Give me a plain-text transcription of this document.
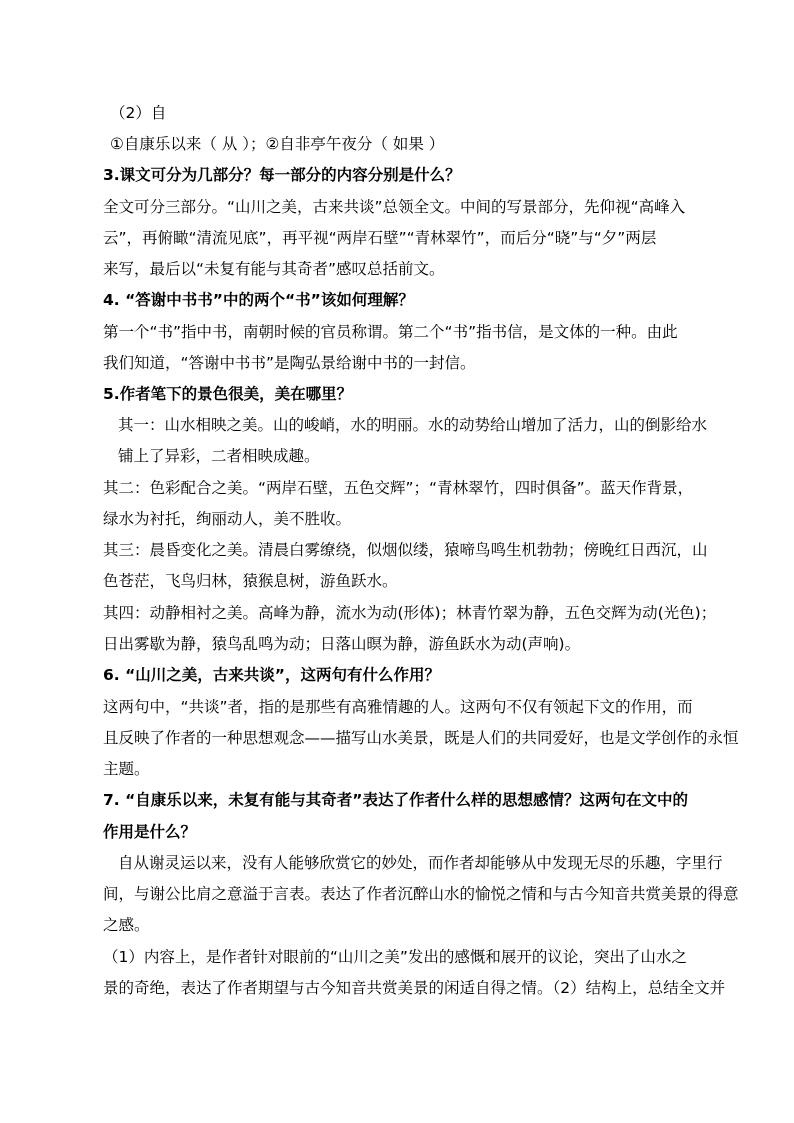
（2）自
①自康乐以来（ 从 ）；②自非亭午夜分（ 如果 ）
3.课文可分为几部分？每一部分的内容分别是什么？
全文可分三部分。“山川之美，古来共谈”总领全文。中间的写景部分，先仰视“高峰入
云”，再俯瞰“清流见底”，再平视“两岸石壁”“青林翠竹”，而后分“晓”与“夕”两层
来写，最后以“未复有能与其奇者”感叹总括前文。
4. “答谢中书书”中的两个“书”该如何理解？
第一个“书”指中书，南朝时候的官员称谓。第二个“书”指书信，是文体的一种。由此
我们知道，“答谢中书书”是陶弘景给谢中书的一封信。
5.作者笔下的景色很美，美在哪里？
其一：山水相映之美。山的峻峭，水的明丽。水的动势给山增加了活力，山的倒影给水
铺上了异彩，二者相映成趣。
其二：色彩配合之美。“两岸石壁，五色交辉”；“青林翠竹，四时俱备”。蓝天作背景，
绿水为衬托，绚丽动人，美不胜收。
其三：晨昏变化之美。清晨白雾缭绕，似烟似缕，猿啼鸟鸣生机勃勃；傍晚红日西沉，山
色苍茫，飞鸟归林，猿猴息树，游鱼跃水。
其四：动静相衬之美。高峰为静，流水为动(形体)；林青竹翠为静，五色交辉为动(光色)；
日出雾歇为静，猿鸟乱鸣为动；日落山暝为静，游鱼跃水为动(声响)。
6. “山川之美，古来共谈”，这两句有什么作用？
这两句中，“共谈”者，指的是那些有高雅情趣的人。这两句不仅有领起下文的作用，而
且反映了作者的一种思想观念——描写山水美景，既是人们的共同爱好，也是文学创作的永恒
主题。
7. “自康乐以来，未复有能与其奇者”表达了作者什么样的思想感情？这两句在文中的
作用是什么？
自从谢灵运以来，没有人能够欣赏它的妙处，而作者却能够从中发现无尽的乐趣，字里行
间，与谢公比肩之意溢于言表。表达了作者沉醉山水的愉悦之情和与古今知音共赏美景的得意
之感。
（1）内容上，是作者针对眼前的“山川之美”发出的感慨和展开的议论，突出了山水之
景的奇绝，表达了作者期望与古今知音共赏美景的闲适自得之情。（2）结构上，总结全文并
